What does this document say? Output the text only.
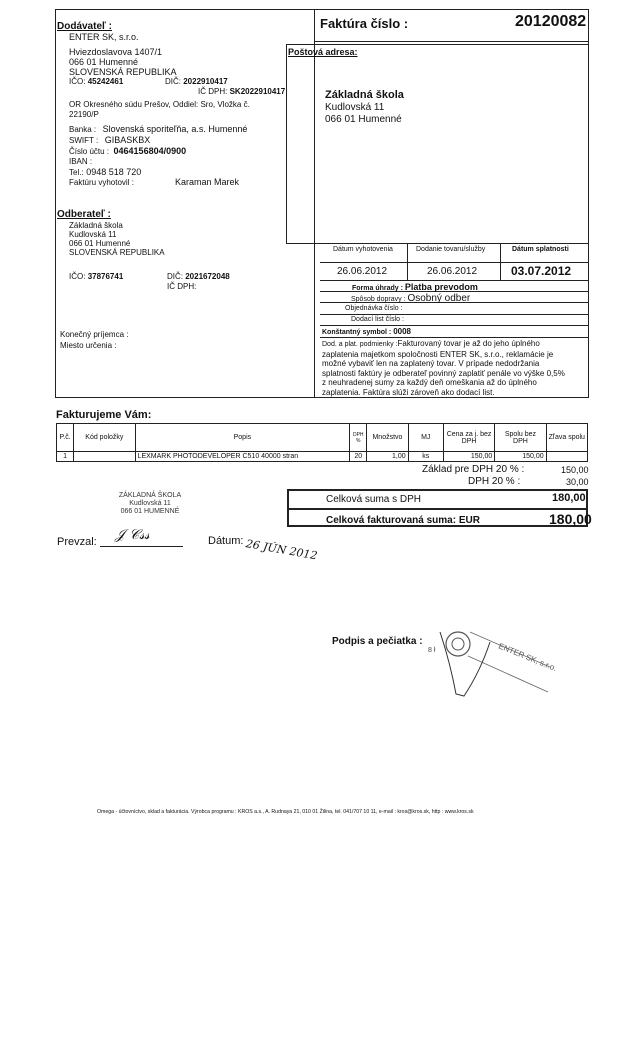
Faktúra číslo :	20120082
Dodávateľ :
ENTER SK, s.r.o.
Hviezdoslavova 1407/1
066 01 Humenné
SLOVENSKÁ REPUBLIKA
IČO: 45242461	DIČ: 2022910417
IČ DPH: SK2022910417
OR Okresného súdu Prešov, Oddiel: Sro, Vložka č.
22190/P
Banka : Slovenská sporiteľňa, a.s. Humenné
SWIFT : GIBASKBX
Číslo účtu : 0464156804/0900
IBAN :
Tel.: 0948 518 720
Faktúru vyhotovil :	Karaman Marek
Poštová adresa:
Základná škola
Kudlovská 11
066 01 Humenné
Odberateľ :
Základná škola
Kudlovská 11
066 01 Humenné
SLOVENSKÁ REPUBLIKA
IČO: 37876741	DIČ: 2021672048
IČ DPH:
Konečný príjemca :
Miesto určenia :
Dátum vyhotovenia	Dodanie tovaru/služby	Dátum splatnosti
26.06.2012	26.06.2012	03.07.2012
Forma úhrady : Platba prevodom
Spôsob dopravy : Osobný odber
Objednávka číslo :
Dodací list číslo :
Konštantný symbol : 0008
Dod. a plat. podmienky :Fakturovaný tovar je až do jeho úplného
zaplatenia majetkom spoločnosti ENTER SK, s.r.o., reklamácie je
možné vybaviť len na zaplatený tovar. V prípade nedodržania
splatnosti faktúry je odberateľ povinný zaplatiť penále vo výške 0,5%
z neuhradenej sumy za každý deň omeškania až do úplného
zaplatenia. Faktúra slúži zároveň ako dodací list.
Fakturujeme Vám:
P.č.	Kód položky	Popis	DPH %	Množstvo	MJ	Cena za j. bez DPH	Spolu bez DPH	Zľava spolu
1		LEXMARK PHOTODEVELOPER C510 40000 stran	20	1,00	ks	150,00	150,00	
Základ pre DPH 20 % :	150,00
DPH 20 % :	30,00
Celková suma s DPH	180,00
Celková fakturovaná suma: EUR	180,00
ZÁKLADNÁ ŠKOLA
Kudlovská 11
066 01 HUMENNÉ
Prevzal: 𝒥 𝒞𝓈𝓈	Dátum: 26 JÚN 2012
Podpis a pečiatka :
ENTER SK, s.r.o.
8 ł
Omega - účtovníctvo, sklad a fakturácia. Výrobca programu : KROS a.s., A. Rudnaya 21, 010 01 Žilina, tel. 041/707 10 11, e-mail : kros@kros.sk, http : www.kros.sk
